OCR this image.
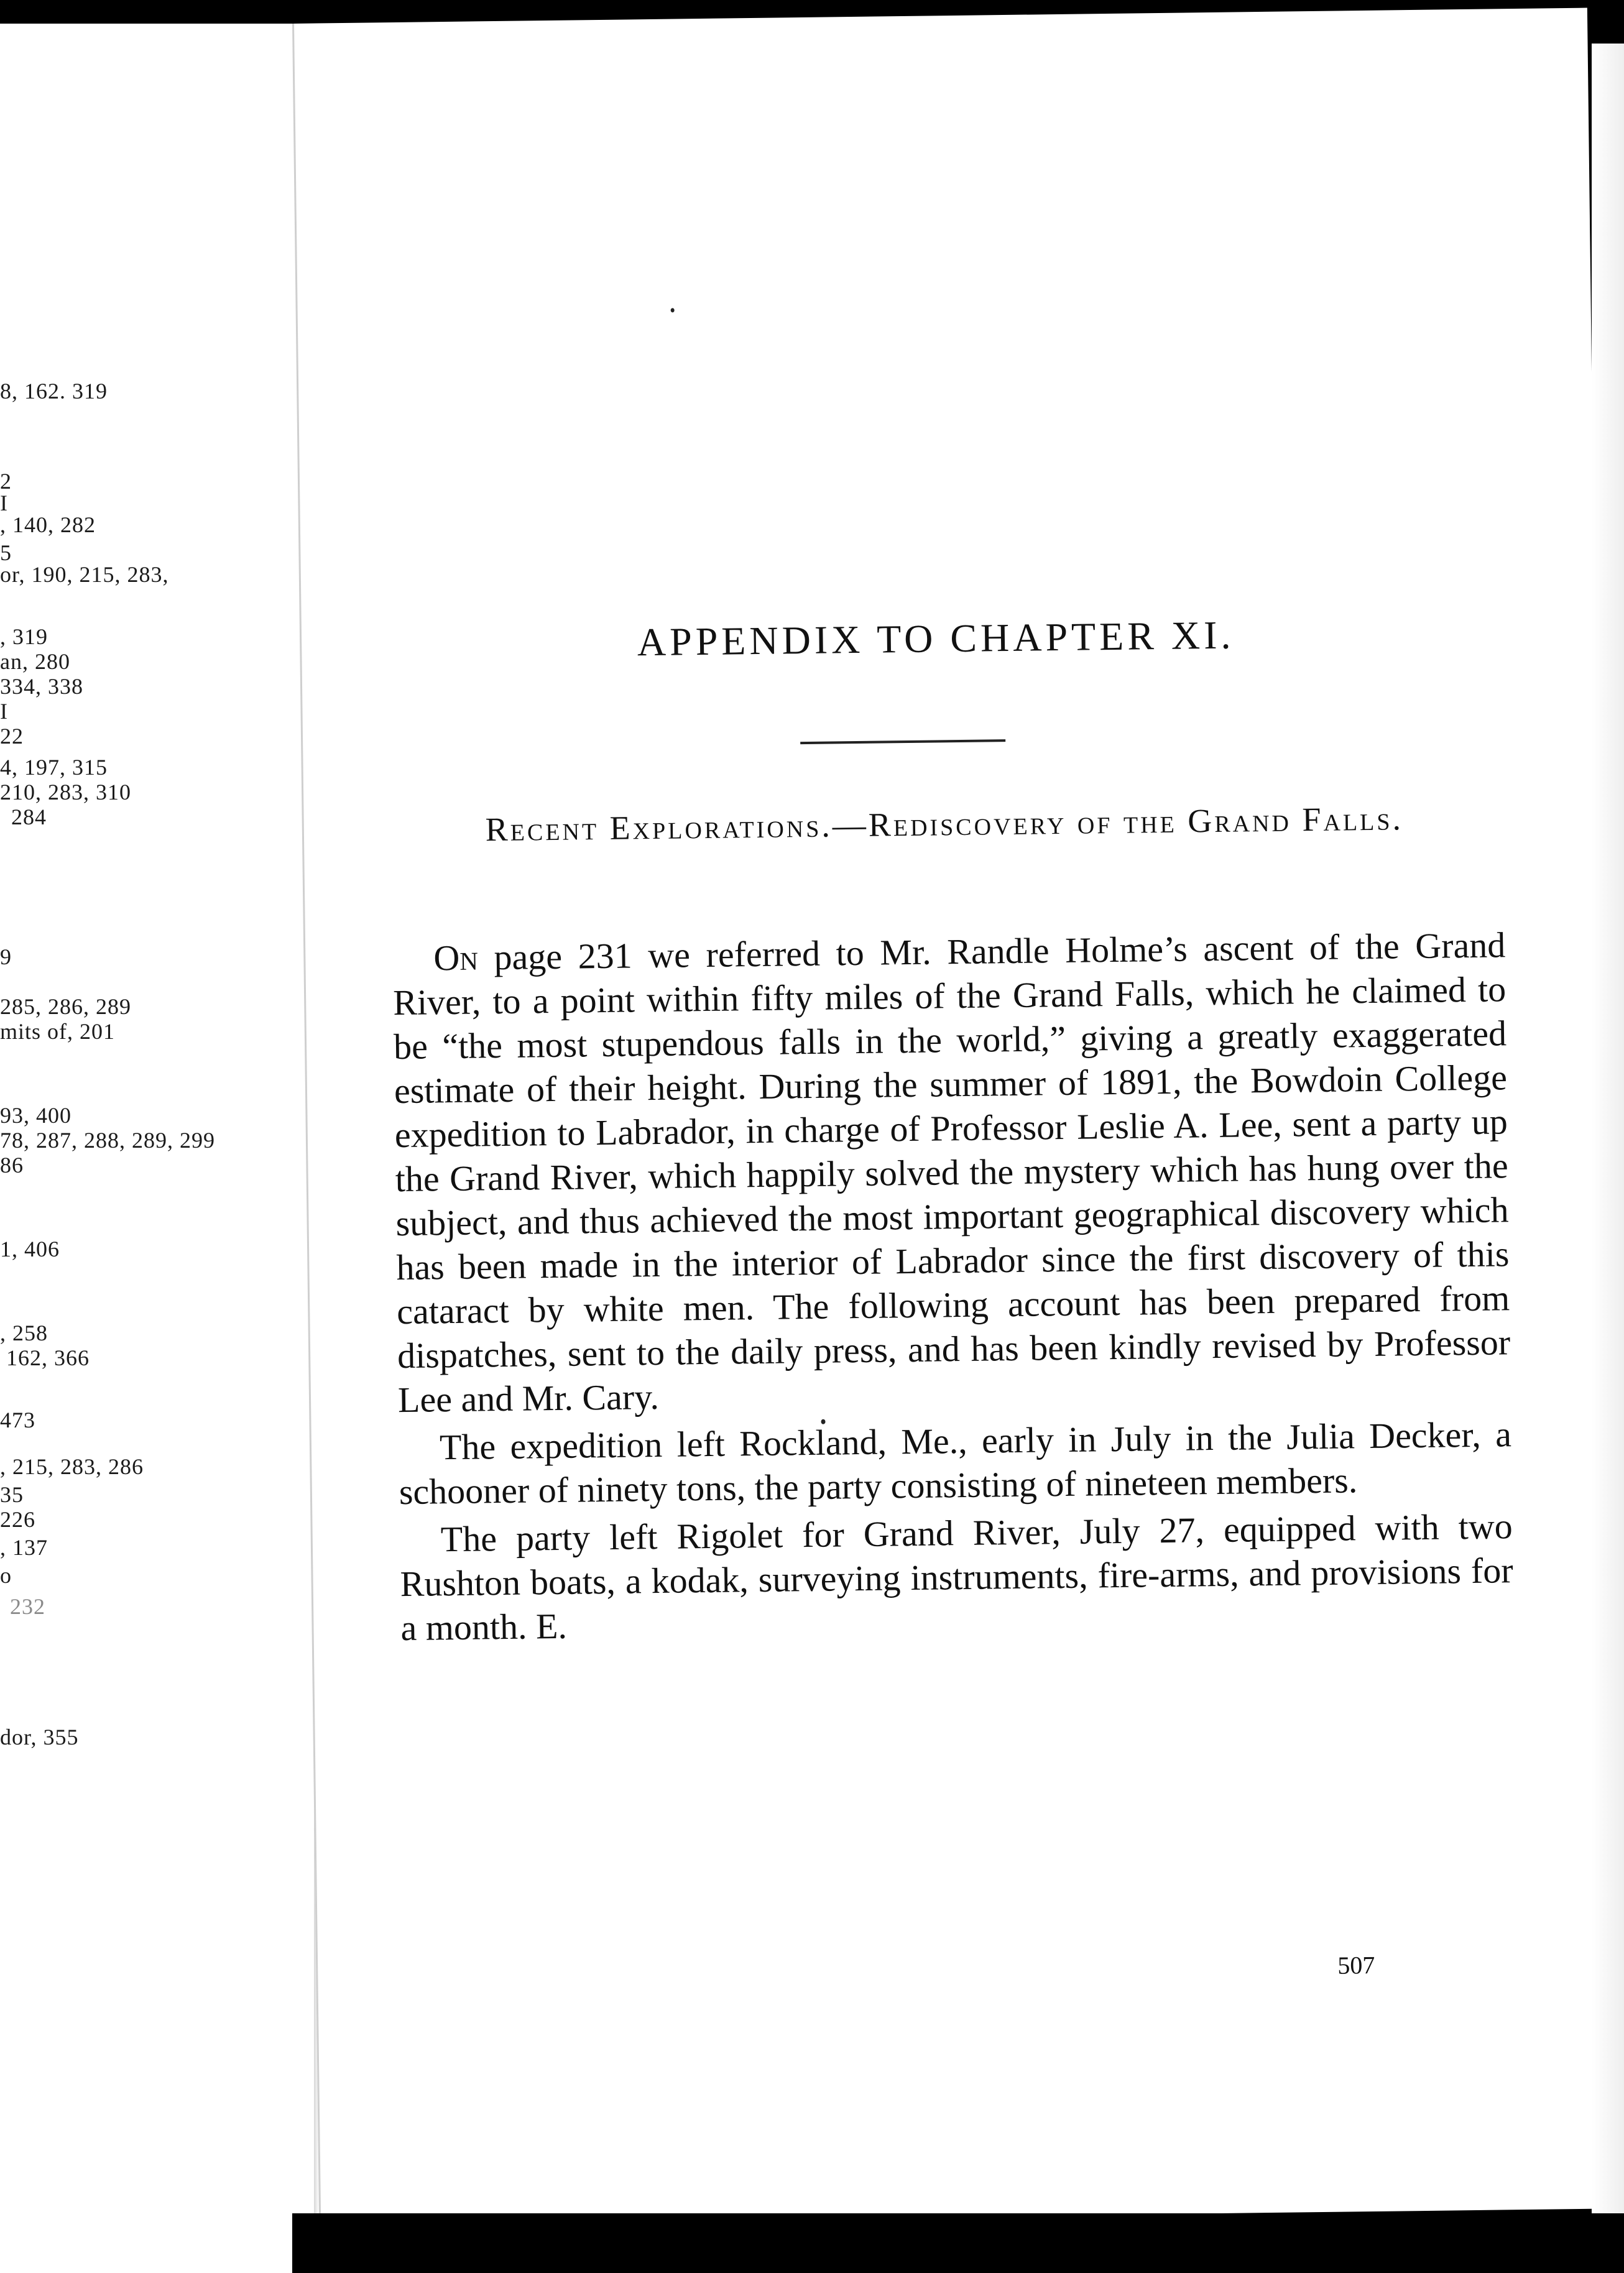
8, 162. 319
2
I
, 140, 282
5
or, 190, 215, 283,
, 319
an, 280
334, 338
I
22
4, 197, 315
210, 283, 310
284
9
285, 286, 289
mits of, 201
93, 400
78, 287, 288, 289, 299
86
1, 406
, 258
162, 366
473
, 215, 283, 286
35
226
, 137
o
232
dor, 355
APPENDIX TO CHAPTER XI.
Recent Explorations.—Rediscovery of the Grand Falls.

On page 231 we referred to Mr. Randle Holme’s ascent of the Grand River, to a point within fifty miles of the Grand Falls, which he claimed to be “the most stupendous falls in the world,” giving a greatly exaggerated estimate of their height. During the summer of 1891, the Bowdoin College expedition to Labrador, in charge of Professor Leslie A. Lee, sent a party up the Grand River, which happily solved the mystery which has hung over the subject, and thus achieved the most important geographical discovery which has been made in the interior of Labrador since the first discovery of this cataract by white men. The following account has been prepared from dispatches, sent to the daily press, and has been kindly revised by Professor Lee and Mr. Cary.

The expedition left Rockland, Me., early in July in the Julia Decker, a schooner of ninety tons, the party consisting of nineteen members.

The party left Rigolet for Grand River, July 27, equipped with two Rushton boats, a kodak, surveying instruments, fire-arms, and provisions for a month. E.

507
